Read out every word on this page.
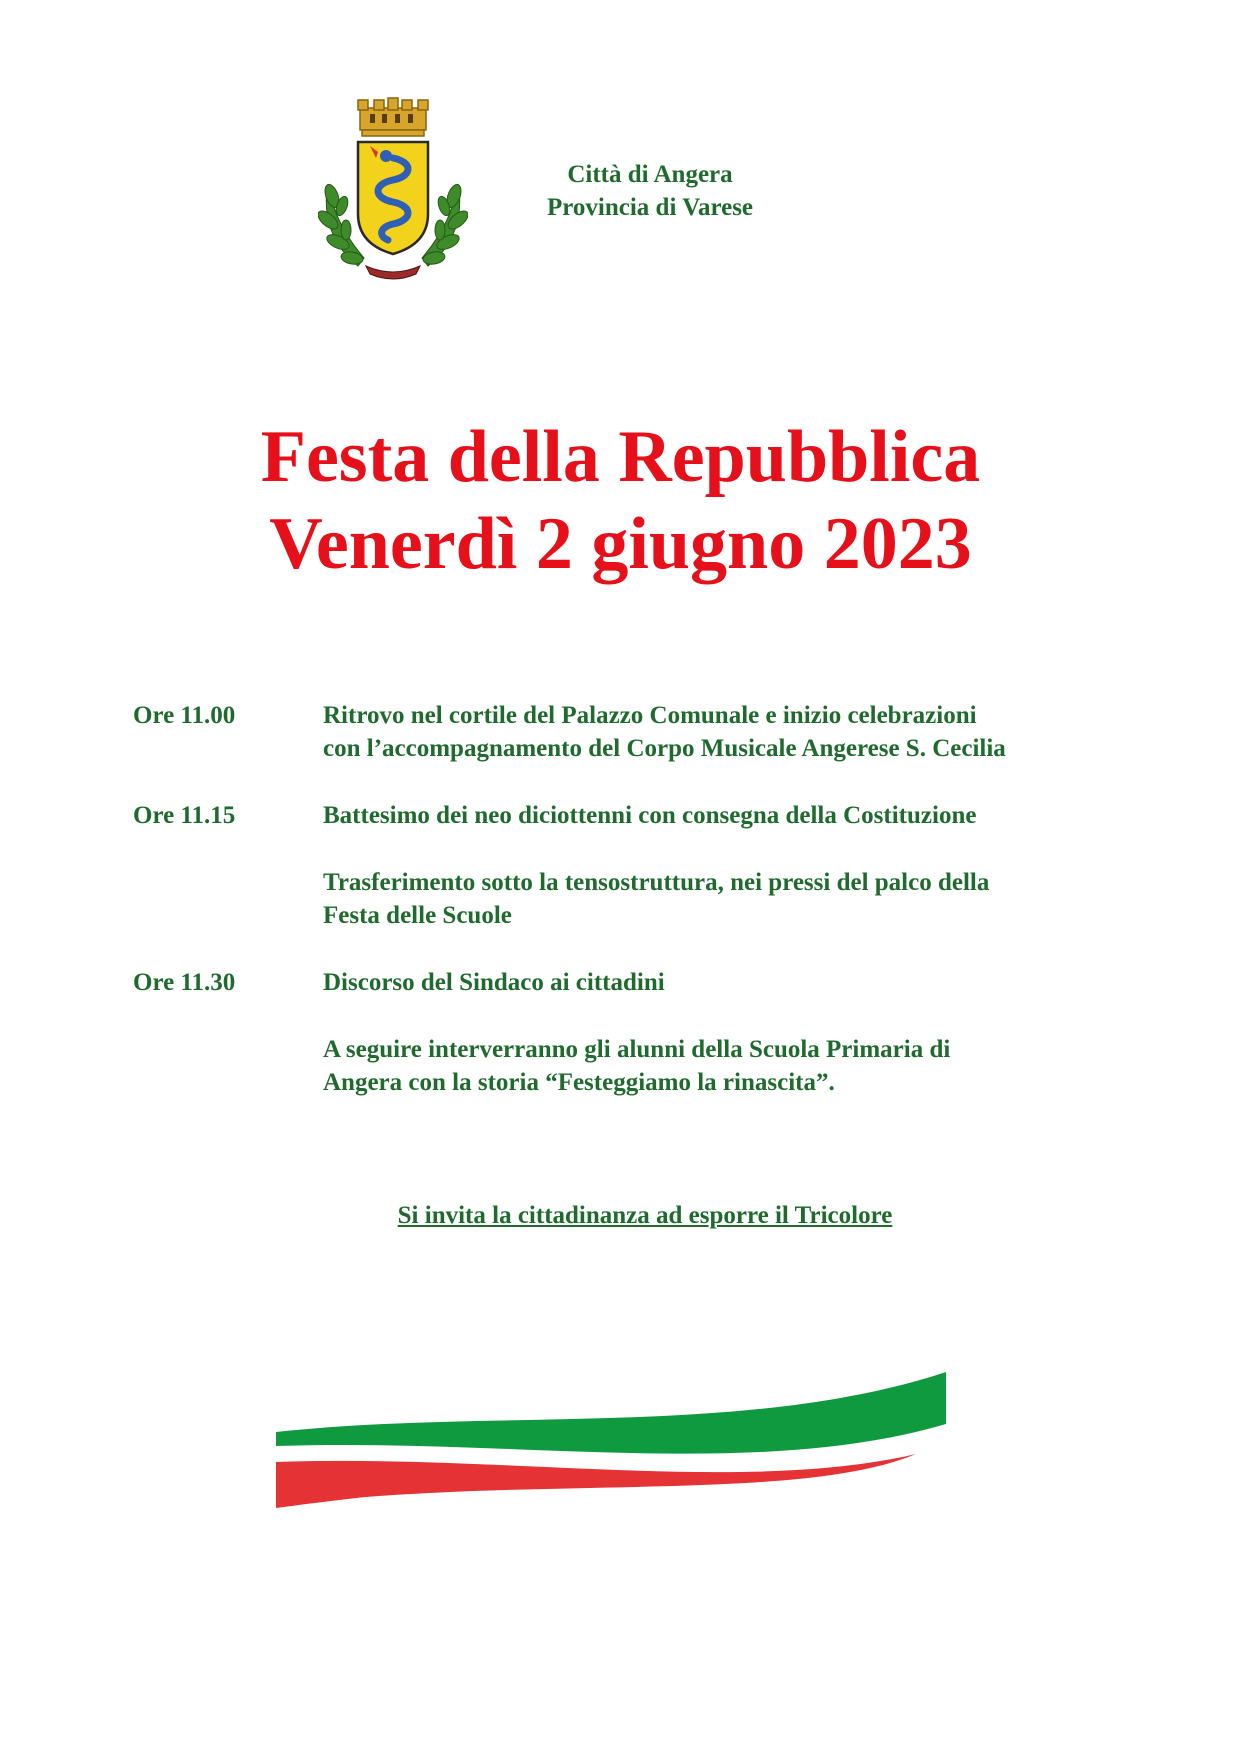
Città di Angera
Provincia di Varese
Festa della Repubblica
Venerdì 2 giugno 2023
Ore 11.00	Ritrovo nel cortile del Palazzo Comunale e inizio celebrazioni
con l’accompagnamento del Corpo Musicale Angerese S. Cecilia
Ore 11.15	Battesimo dei neo diciottenni con consegna della Costituzione
Trasferimento sotto la tensostruttura, nei pressi del palco della
Festa delle Scuole
Ore 11.30	Discorso del Sindaco ai cittadini
A seguire interverranno gli alunni della Scuola Primaria di
Angera con la storia “Festeggiamo la rinascita”.
Si invita la cittadinanza ad esporre il Tricolore
